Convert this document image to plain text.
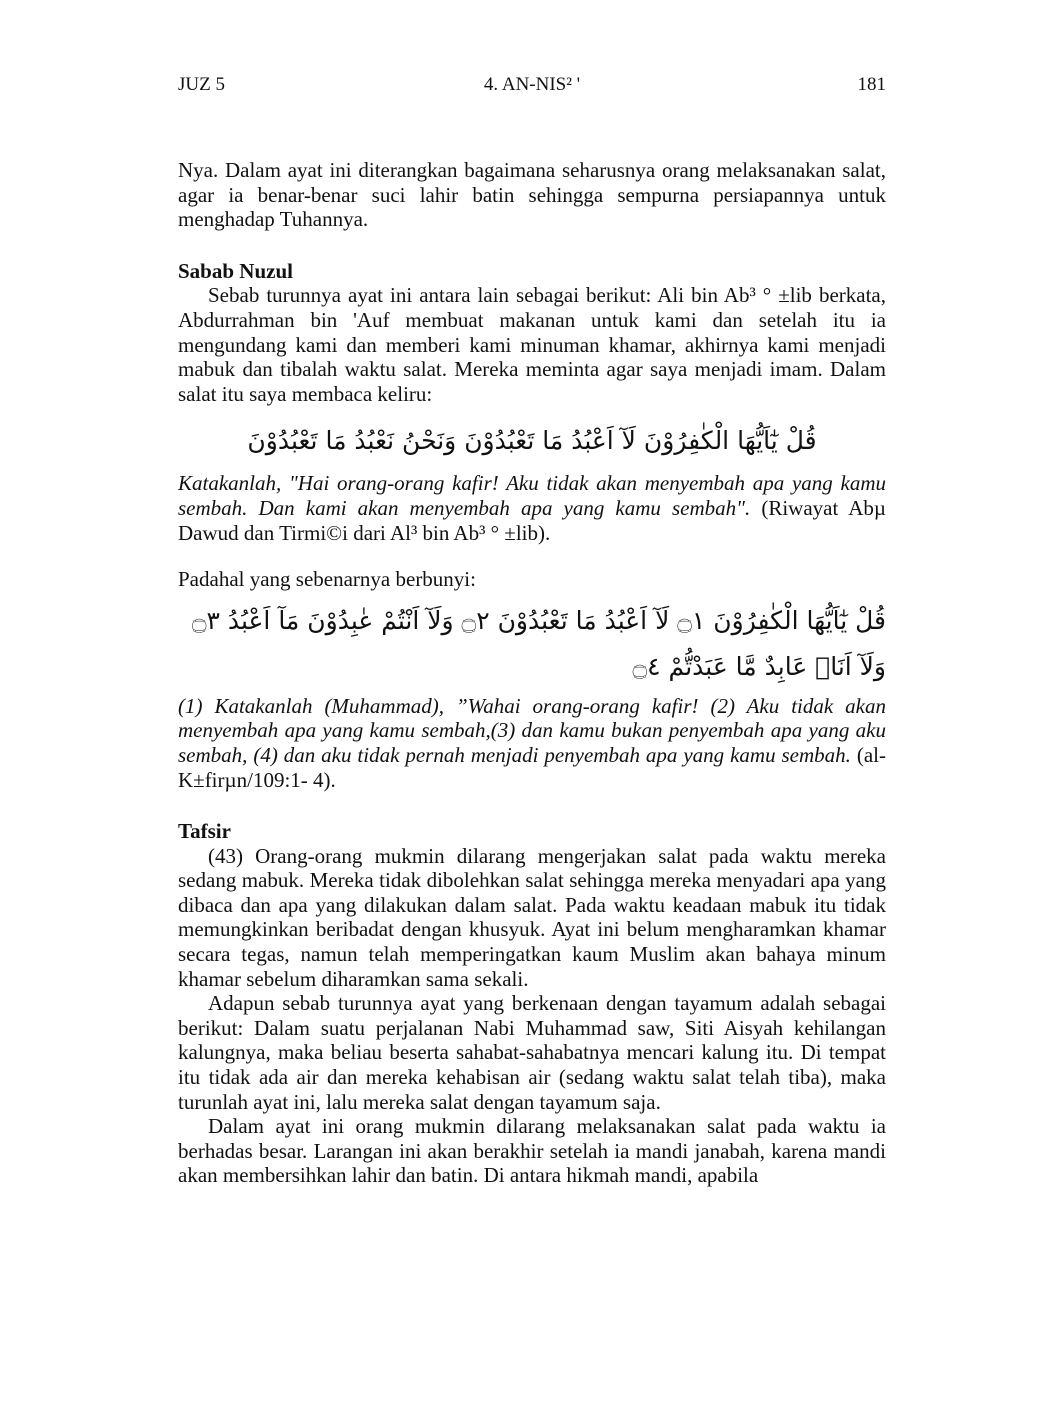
JUZ 5	4. AN-NIS² '	181

Nya. Dalam ayat ini diterangkan bagaimana seharusnya orang melaksanakan salat, agar ia benar-benar suci lahir batin sehingga sempurna persiapannya untuk menghadap Tuhannya.

Sabab Nuzul

Sebab turunnya ayat ini antara lain sebagai berikut: Ali bin Ab³ ° ±lib berkata, Abdurrahman bin 'Auf membuat makanan untuk kami dan setelah itu ia mengundang kami dan memberi kami minuman khamar, akhirnya kami menjadi mabuk dan tibalah waktu salat. Mereka meminta agar saya menjadi imam. Dalam salat itu saya membaca keliru:

قُلْ يٰٓاَيُّهَا الْكٰفِرُوْنَ لَآ اَعْبُدُ مَا تَعْبُدُوْنَ وَنَحْنُ نَعْبُدُ مَا تَعْبُدُوْنَ

Katakanlah, "Hai orang-orang kafir! Aku tidak akan menyembah apa yang kamu sembah. Dan kami akan menyembah apa yang kamu sembah". (Riwayat Abµ Dawud dan Tirmi©i dari Al³ bin Ab³ ° ±lib).

Padahal yang sebenarnya berbunyi:

قُلْ يٰٓاَيُّهَا الْكٰفِرُوْنَ ۝١ لَآ اَعْبُدُ مَا تَعْبُدُوْنَ ۝٢ وَلَآ اَنْتُمْ عٰبِدُوْنَ مَآ اَعْبُدُ ۝٣
وَلَآ اَنَا۠ عَابِدٌ مَّا عَبَدْتُّمْ ۝٤

(1) Katakanlah (Muhammad), ”Wahai orang-orang kafir! (2) Aku tidak akan menyembah apa yang kamu sembah,(3) dan kamu bukan penyembah apa yang aku sembah, (4) dan aku tidak pernah menjadi penyembah apa yang kamu sembah. (al-K±firµn/109:1- 4).

Tafsir

(43) Orang-orang mukmin dilarang mengerjakan salat pada waktu mereka sedang mabuk. Mereka tidak dibolehkan salat sehingga mereka menyadari apa yang dibaca dan apa yang dilakukan dalam salat. Pada waktu keadaan mabuk itu tidak memungkinkan beribadat dengan khusyuk. Ayat ini belum mengharamkan khamar secara tegas, namun telah memperingatkan kaum Muslim akan bahaya minum khamar sebelum diharamkan sama sekali.

Adapun sebab turunnya ayat yang berkenaan dengan tayamum adalah sebagai berikut: Dalam suatu perjalanan Nabi Muhammad saw, Siti Aisyah kehilangan kalungnya, maka beliau beserta sahabat-sahabatnya mencari kalung itu. Di tempat itu tidak ada air dan mereka kehabisan air (sedang waktu salat telah tiba), maka turunlah ayat ini, lalu mereka salat dengan tayamum saja.

Dalam ayat ini orang mukmin dilarang melaksanakan salat pada waktu ia berhadas besar. Larangan ini akan berakhir setelah ia mandi janabah, karena mandi akan membersihkan lahir dan batin. Di antara hikmah mandi, apabila
